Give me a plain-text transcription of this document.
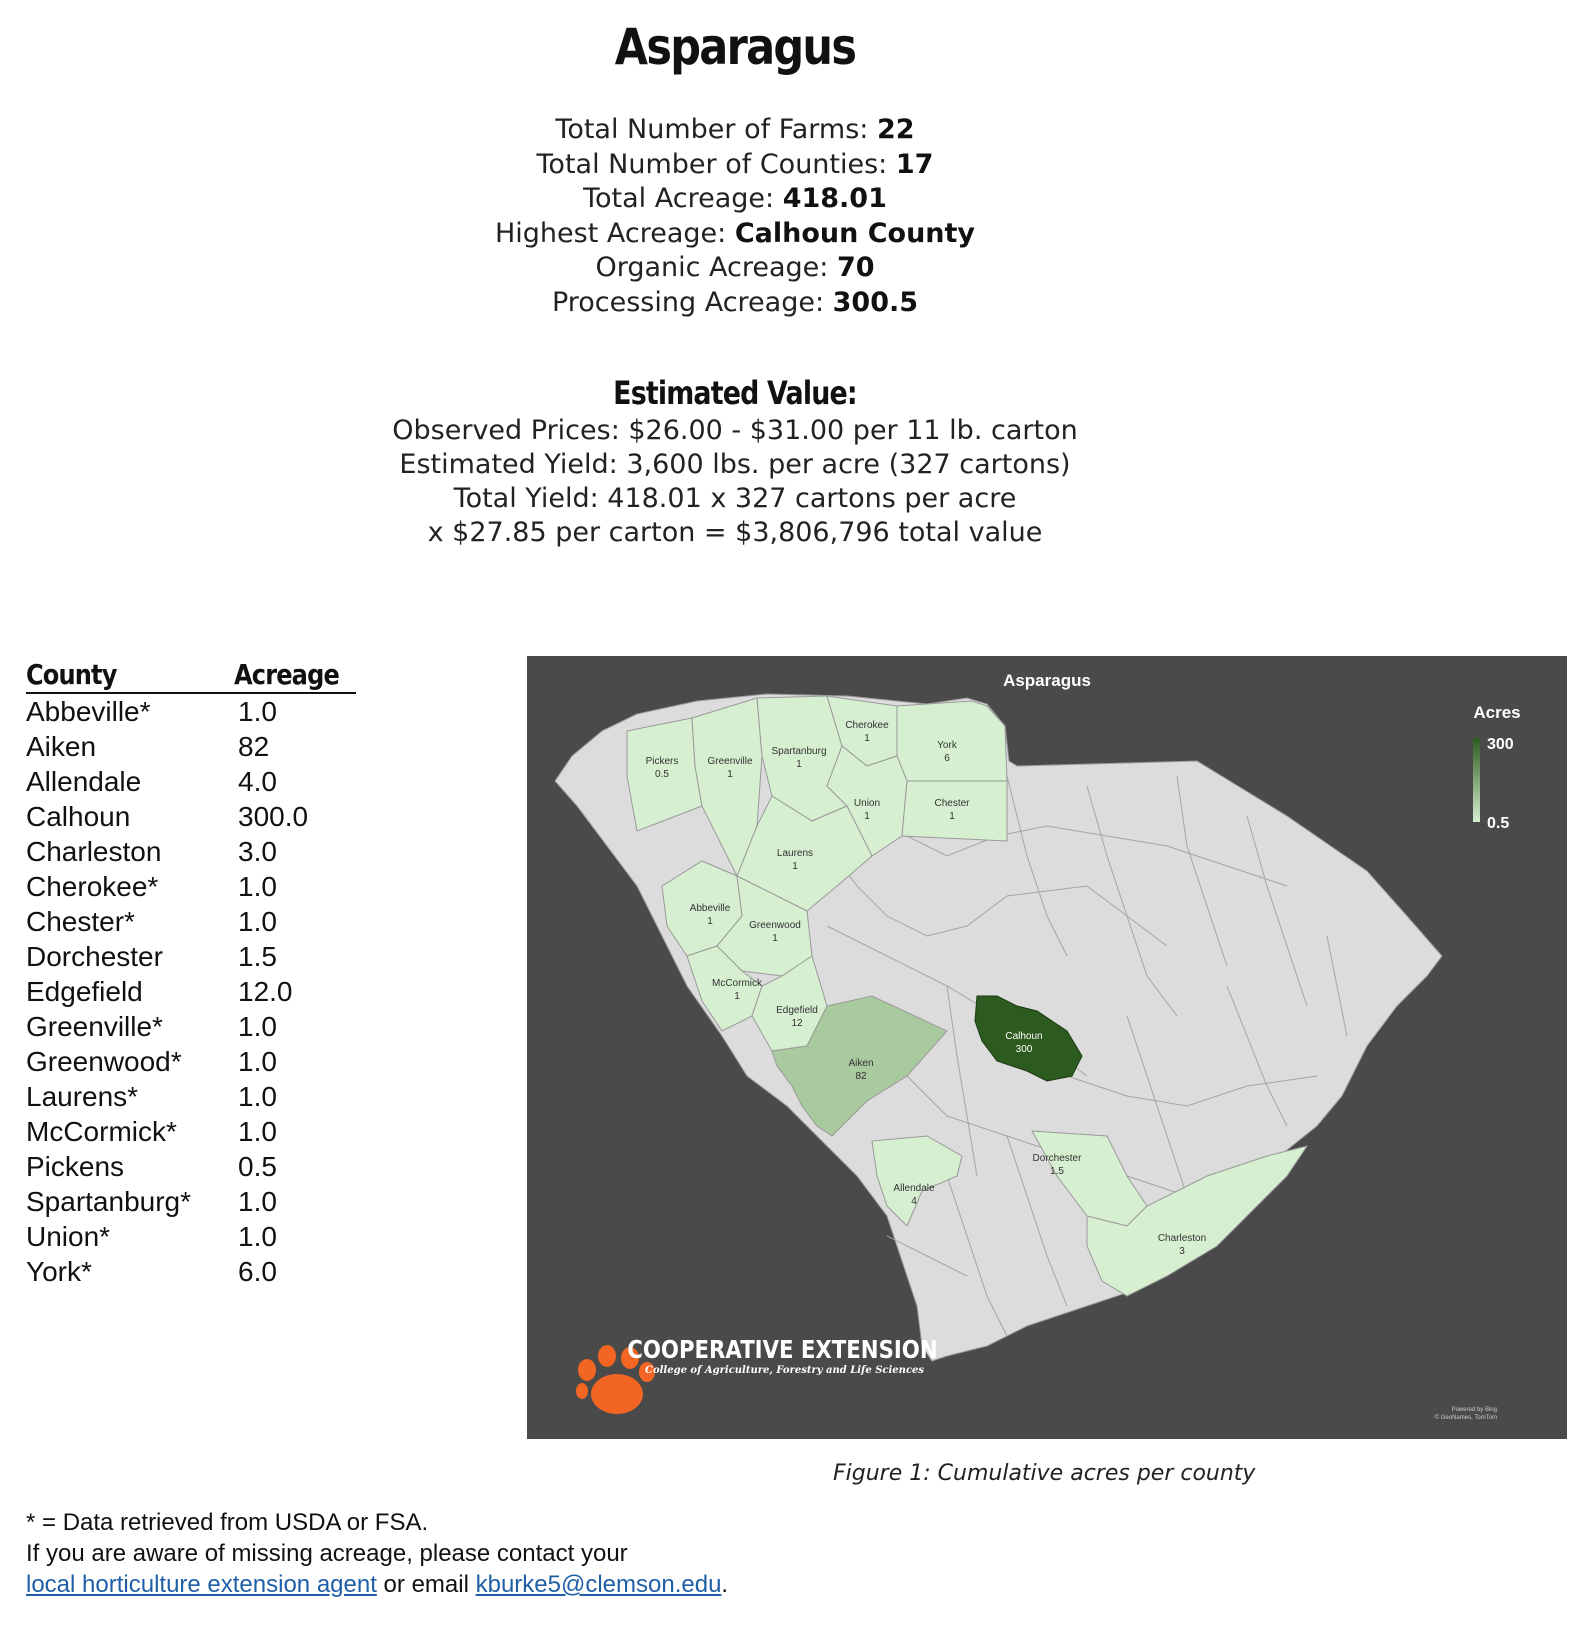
Asparagus
Total Number of Farms: 22
Total Number of Counties: 17
Total Acreage: 418.01
Highest Acreage: Calhoun County
Organic Acreage: 70
Processing Acreage: 300.5
Estimated Value:
Observed Prices: $26.00 - $31.00 per 11 lb. carton
Estimated Yield: 3,600 lbs. per acre (327 cartons)
Total Yield: 418.01 x 327 cartons per acre
x $27.85 per carton = $3,806,796 total value
County	Acreage
Abbeville*	1.0
Aiken	82
Allendale	4.0
Calhoun	300.0
Charleston	3.0
Cherokee*	1.0
Chester*	1.0
Dorchester	1.5
Edgefield	12.0
Greenville*	1.0
Greenwood*	1.0
Laurens*	1.0
McCormick*	1.0
Pickens	0.5
Spartanburg*	1.0
Union*	1.0
York*	6.0
Asparagus
Pickers
0.5
Greenville
1
Spartanburg
1
Cherokee
1
York
6
Union
1
Chester
1
Laurens
1
Abbeville
1	Greenwood
1
McCormick
1
Edgefield
12
Aiken
82
Calhoun
300
Dorchester
1.5
Allendale
4
Charleston
3
Acres
300
0.5
COOPERATIVE EXTENSION
College of Agriculture, Forestry and Life Sciences
Powered by Bing
© GeoNames, TomTom
Figure 1: Cumulative acres per county
* = Data retrieved from USDA or FSA.
If you are aware of missing acreage, please contact your
local horticulture extension agent or email kburke5@clemson.edu.
